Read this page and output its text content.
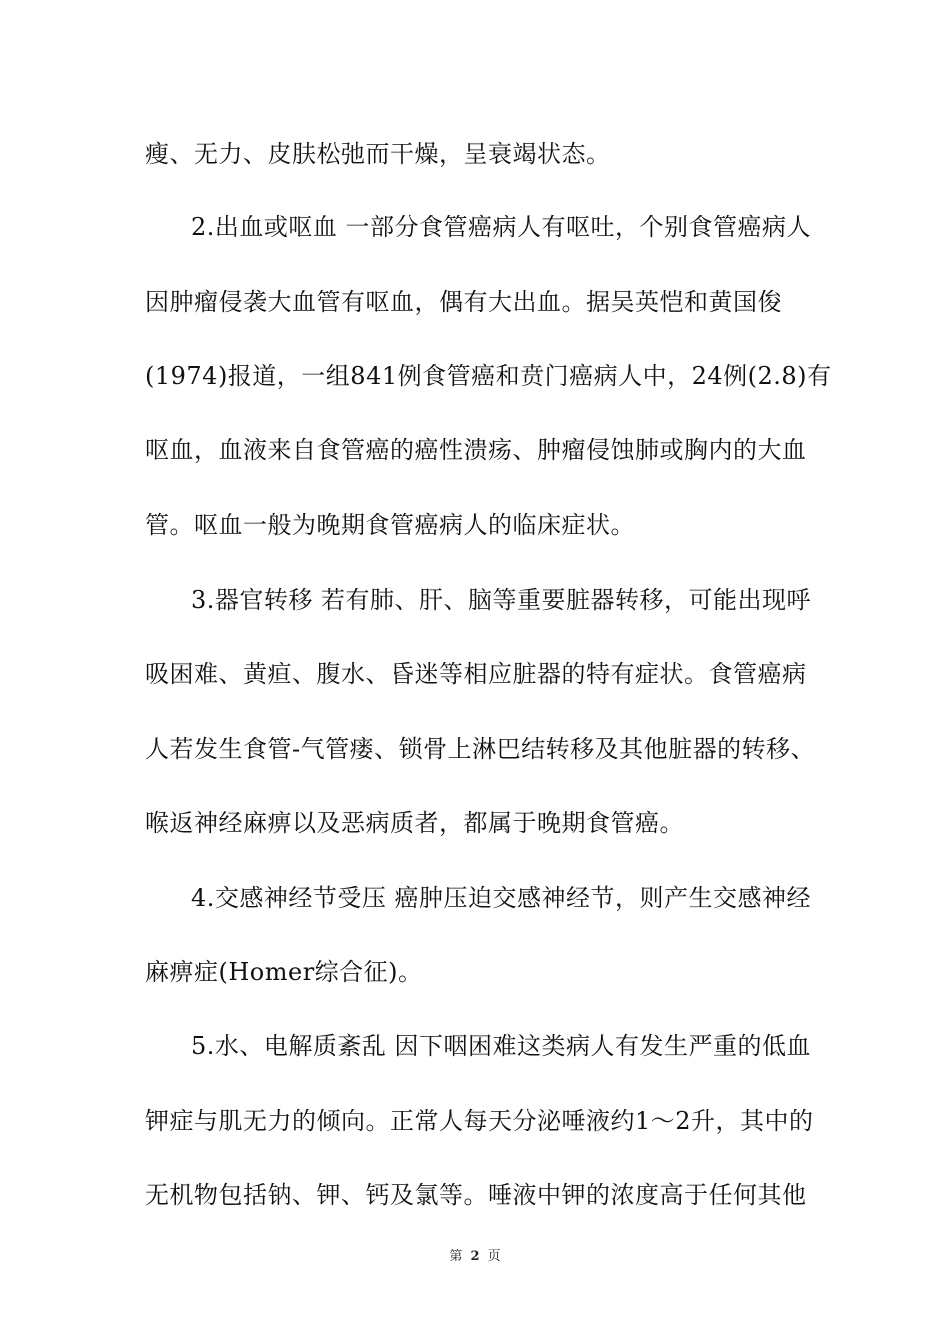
瘦、无力、皮肤松弛而干燥，呈衰竭状态。
2.出血或呕血 一部分食管癌病人有呕吐，个别食管癌病人
因肿瘤侵袭大血管有呕血，偶有大出血。据吴英恺和黄国俊
(1974)报道，一组841例食管癌和贲门癌病人中，24例(2.8)有
呕血，血液来自食管癌的癌性溃疡、肿瘤侵蚀肺或胸内的大血
管。呕血一般为晚期食管癌病人的临床症状。
3.器官转移 若有肺、肝、脑等重要脏器转移，可能出现呼
吸困难、黄疸、腹水、昏迷等相应脏器的特有症状。食管癌病
人若发生食管-气管瘘、锁骨上淋巴结转移及其他脏器的转移、
喉返神经麻痹以及恶病质者，都属于晚期食管癌。
4.交感神经节受压 癌肿压迫交感神经节，则产生交感神经
麻痹症(Homer综合征)。
5.水、电解质紊乱 因下咽困难这类病人有发生严重的低血
钾症与肌无力的倾向。正常人每天分泌唾液约1～2升，其中的
无机物包括钠、钾、钙及氯等。唾液中钾的浓度高于任何其他
第 2 页
